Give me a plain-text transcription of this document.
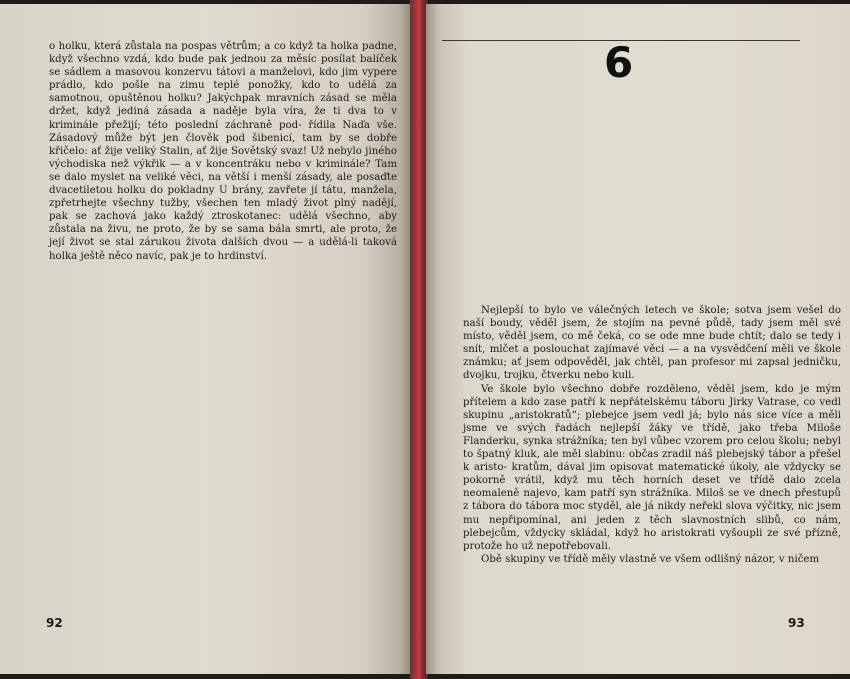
o holku, která zůstala na pospas větrům; a co když ta holka padne, když všechno vzdá, kdo bude pak jednou za měsíc posílat balíček se sádlem a masovou konzervu tátovi a manželovi, kdo jim vypere prádlo, kdo pošle na zimu teplé ponožky, kdo to udělá za samotnou, opuštěnou holku? Jakýchpak mravních zásad se měla držet, když jediná zásada a naděje byla víra, že ti dva to v kriminále přežijí; této poslední záchraně pod- řídila Naďa vše. Zásadový může být jen člověk pod šibenicí, tam by se dobře křičelo: ať žije veliký Stalin, ať žije Sovětský svaz! Už nebylo jiného východiska než výkřik — a v koncentráku nebo v kriminále? Tam se dalo myslet na veliké věci, na větší i menší zásady, ale posaďte dvacetiletou holku do pokladny U brány, zavřete jí tátu, manžela, zpřetrhejte všechny tužby, všechen ten mladý život plný nadějí, pak se zachová jako každý ztroskotanec: udělá všechno, aby zůstala na živu, ne proto, že by se sama bála smrti, ale proto, že její život se stal zárukou života dalších dvou — a udělá-li taková holka ještě něco navíc, pak je to hrdinství.

92
6

Nejlepší to bylo ve válečných letech ve škole; sotva jsem vešel do naší boudy, věděl jsem, že stojím na pevné půdě, tady jsem měl své místo, věděl jsem, co mě čeká, co se ode mne bude chtít; dalo se tedy i snít, mlčet a poslouchat zajímavé věci — a na vysvědčení měli ve škole známku; ať jsem odpověděl, jak chtěl, pan profesor mi zapsal jedničku, dvojku, trojku, čtverku nebo kuli.

Ve škole bylo všechno dobře rozděleno, věděl jsem, kdo je mým přítelem a kdo zase patří k nepřátelskému táboru Jirky Vatrase, co vedl skupinu „aristokratů“; plebejce jsem vedl já; bylo nás sice více a měli jsme ve svých řadách nejlepší žáky ve třídě, jako třeba Miloše Flanderku, synka strážníka; ten byl vůbec vzorem pro celou školu; nebyl to špatný kluk, ale měl slabinu: občas zradil náš plebejský tábor a přešel k aristo- kratům, dával jim opisovat matematické úkoly, ale vždycky se pokorně vrátil, když mu těch horních deset ve třídě dalo zcela neomaleně najevo, kam patří syn strážníka. Miloš se ve dnech přestupů z tábora do tábora moc styděl, ale já nikdy neřekl slova výčitky, nic jsem mu nepřipomínal, ani jeden z těch slavnostních slibů, co nám, plebejcům, vždycky skládal, když ho aristokrati vyšoupli ze své přízně, protože ho už nepotřebovali.

Obě skupiny ve třídě měly vlastně ve všem odlišný názor, v ničem

93
